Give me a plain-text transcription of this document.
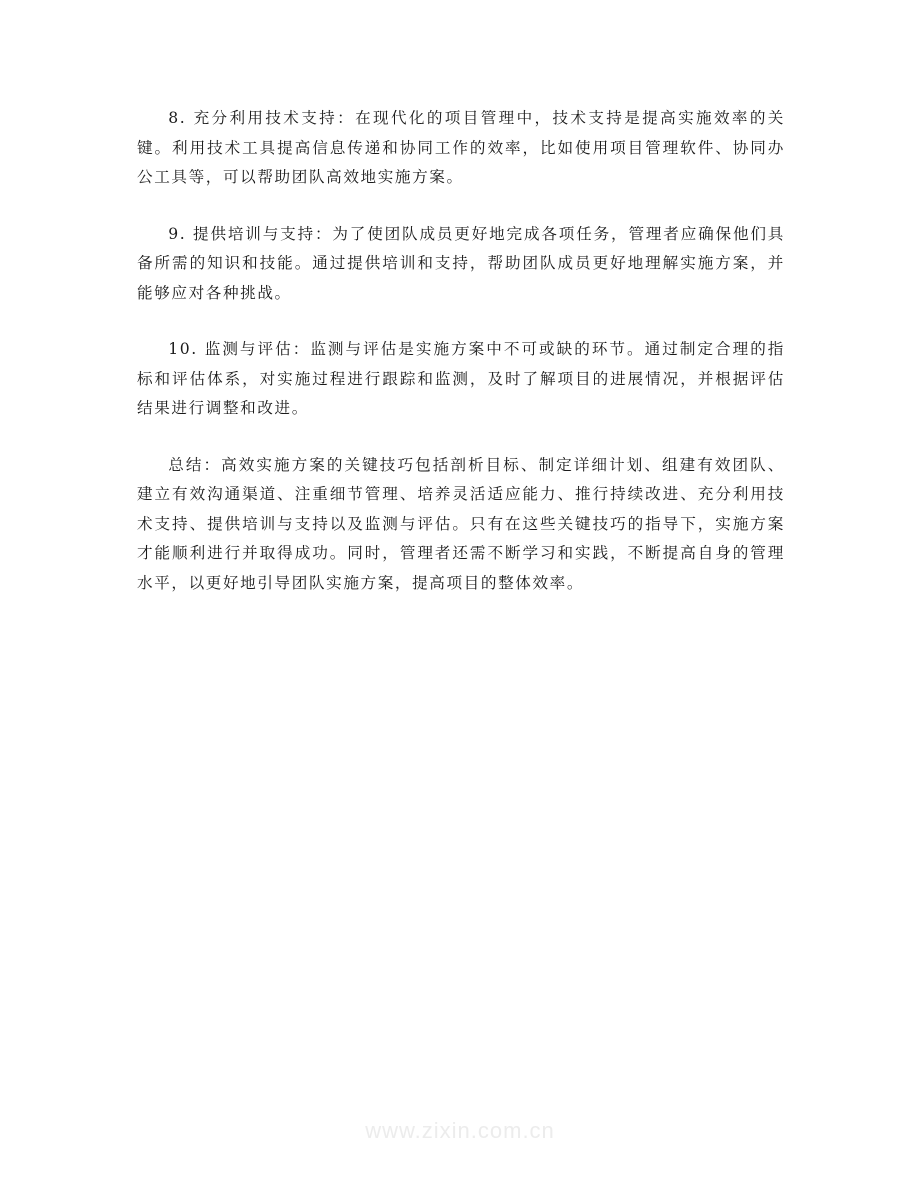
8. 充分利用技术支持：在现代化的项目管理中，技术支持是提高实施效率的关键。利用技术工具提高信息传递和协同工作的效率，比如使用项目管理软件、协同办公工具等，可以帮助团队高效地实施方案。

9. 提供培训与支持：为了使团队成员更好地完成各项任务，管理者应确保他们具备所需的知识和技能。通过提供培训和支持，帮助团队成员更好地理解实施方案，并能够应对各种挑战。

10. 监测与评估：监测与评估是实施方案中不可或缺的环节。通过制定合理的指标和评估体系，对实施过程进行跟踪和监测，及时了解项目的进展情况，并根据评估结果进行调整和改进。

总结：高效实施方案的关键技巧包括剖析目标、制定详细计划、组建有效团队、建立有效沟通渠道、注重细节管理、培养灵活适应能力、推行持续改进、充分利用技术支持、提供培训与支持以及监测与评估。只有在这些关键技巧的指导下，实施方案才能顺利进行并取得成功。同时，管理者还需不断学习和实践，不断提高自身的管理水平，以更好地引导团队实施方案，提高项目的整体效率。

www.zixin.com.cn
